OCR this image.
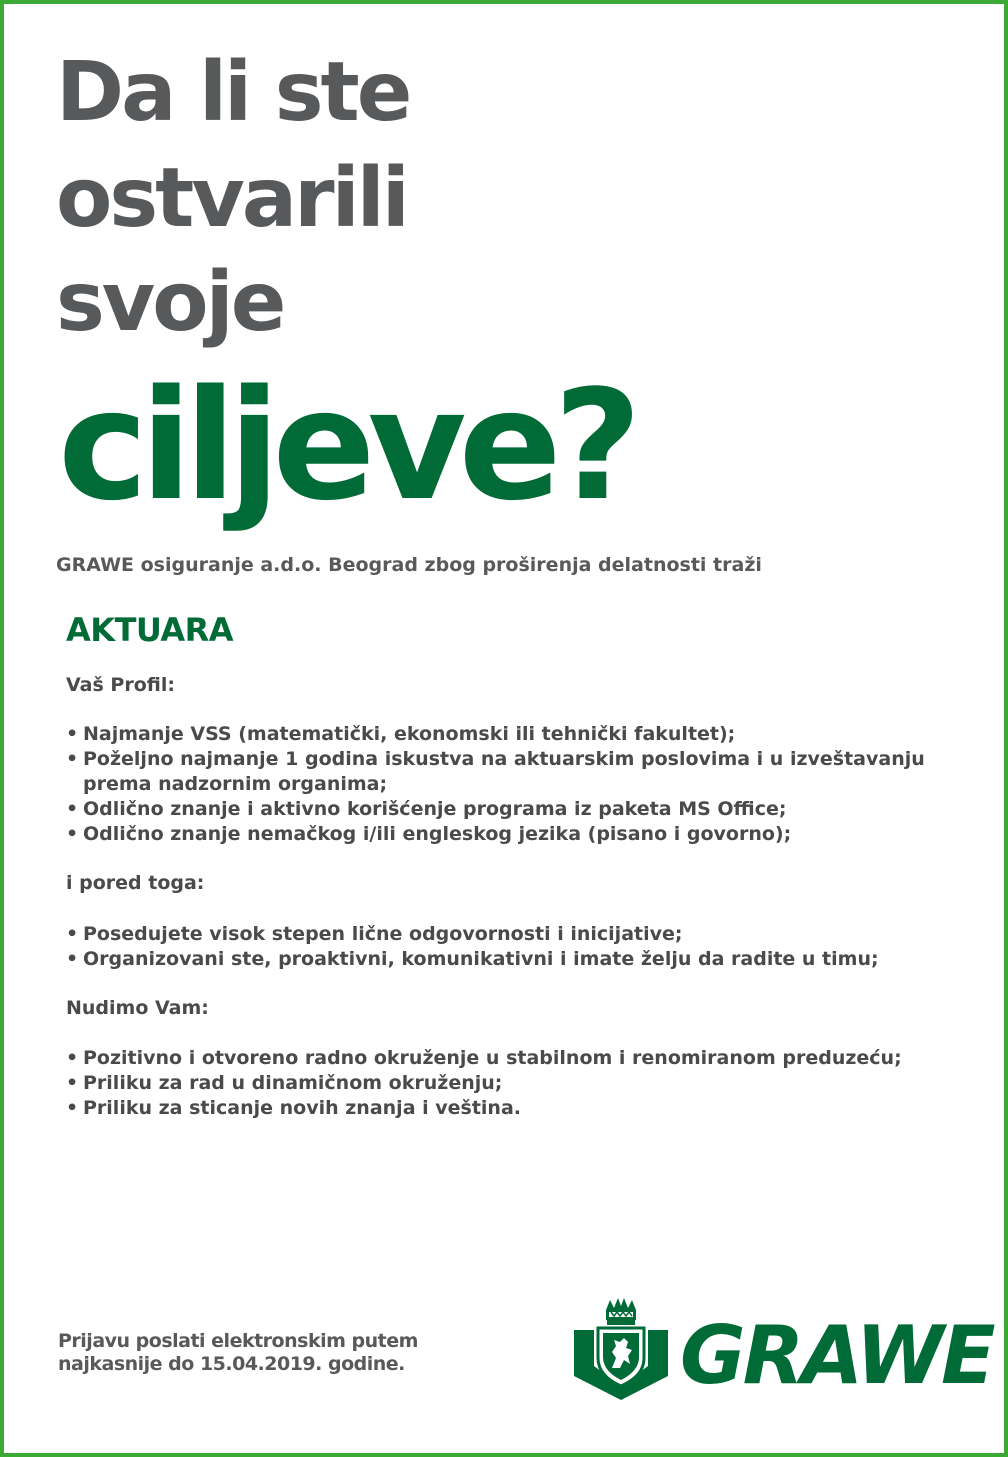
Da li ste
ostvarili
svoje
ciljeve?
GRAWE osiguranje a.d.o. Beograd zbog proširenja delatnosti traži
AKTUARA
Vaš Profil:
• Najmanje VSS (matematički, ekonomski ili tehnički fakultet);
• Poželjno najmanje 1 godina iskustva na aktuarskim poslovima i u izveštavanju
prema nadzornim organima;
• Odlično znanje i aktivno korišćenje programa iz paketa MS Office;
• Odlično znanje nemačkog i/ili engleskog jezika (pisano i govorno);
i pored toga:
• Posedujete visok stepen lične odgovornosti i inicijative;
• Organizovani ste, proaktivni, komunikativni i imate želju da radite u timu;
Nudimo Vam:
• Pozitivno i otvoreno radno okruženje u stabilnom i renomiranom preduzeću;
• Priliku za rad u dinamičnom okruženju;
• Priliku za sticanje novih znanja i veština.
Prijavu poslati elektronskim putem najkasnije do 15.04.2019. godine.	GRAWE
